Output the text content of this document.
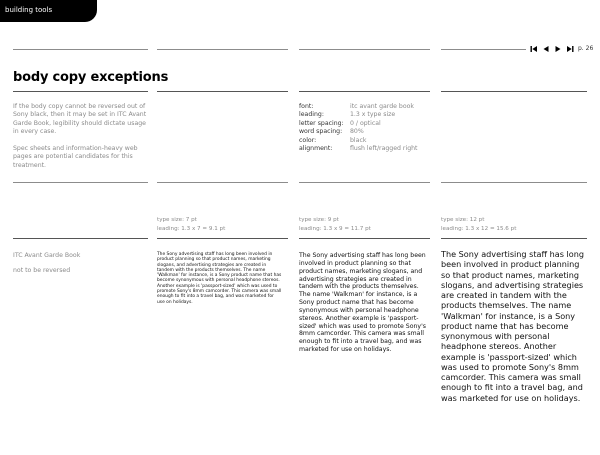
building tools
p. 26
body copy exceptions
If the body copy cannot be reversed out of Sony black, then it may be set in ITC Avant Garde Book, legibility should dictate usage in every case.
Spec sheets and information-heavy web pages are potential candidates for this treatment.
font:	itc avant garde book
leading:	1.3 x type size
letter spacing:	0 / optical
word spacing:	80%
color:	black
alignment:	flush left/ragged right
type size: 7 pt
leading: 1.3 x 7 = 9.1 pt
type size: 9 pt
leading: 1.3 x 9 = 11.7 pt
type size: 12 pt
leading: 1.3 x 12 = 15.6 pt
ITC Avant Garde Book
not to be reversed
The Sony advertising staff has long been involved in product planning so that product names, marketing slogans, and advertising strategies are created in tandem with the products themselves. The name 'Walkman' for instance, is a Sony product name that has become synonymous with personal headphone stereos. Another example is 'passport-sized' which was used to promote Sony's 8mm camcorder. This camera was small enough to fit into a travel bag, and was marketed for use on holidays.
The Sony advertising staff has long been involved in product planning so that product names, marketing slogans, and advertising strategies are created in tandem with the products themselves. The name 'Walkman' for instance, is a Sony product name that has become synonymous with personal headphone stereos. Another example is 'passport-sized' which was used to promote Sony's 8mm camcorder. This camera was small enough to fit into a travel bag, and was marketed for use on holidays.
The Sony advertising staff has long been involved in product planning so that product names, marketing slogans, and advertising strategies are created in tandem with the products themselves. The name 'Walkman' for instance, is a Sony product name that has become synonymous with personal headphone stereos. Another example is 'passport-sized' which was used to promote Sony's 8mm camcorder. This camera was small enough to fit into a travel bag, and was marketed for use on holidays.
